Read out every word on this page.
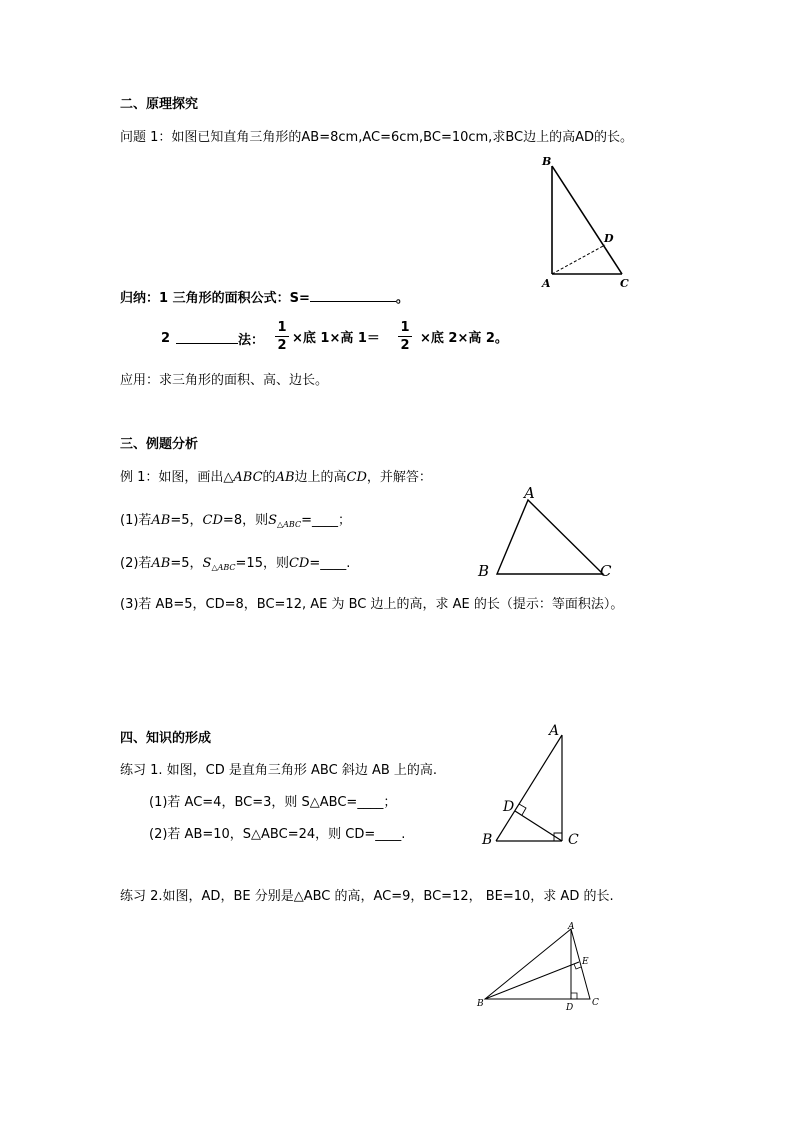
二、原理探究
问题 1：如图已知直角三角形的AB=8cm,AC=6cm,BC=10cm,求BC边上的高AD的长。
B
D
A	C
归纳：1 三角形的面积公式：S=	。
2	法：
1
2 ×底 1×高 1＝
1
2 ×底 2×高 2。
应用：求三角形的面积、高、边长。
三、例题分析
例 1：如图，画出△ABC的AB边上的高CD，并解答：
(1)若AB=5，CD=8，则$S_{\triangle ABC}=\_\_\_\_$；
(2)若AB=5，$S_{\triangle ABC}=15$，则CD=____.
(3)若 AB=5，CD=8，BC=12, AE 为 BC 边上的高，求 AE 的长（提示：等面积法）。
A
B	C
四、知识的形成
练习 1. 如图，CD 是直角三角形 ABC 斜边 AB 上的高.
(1)若 AC=4，BC=3，则 S△ABC=____；
(2)若 AB=10，S△ABC=24，则 CD=____.
A
D
B	C
练习 2.如图，AD，BE 分别是△ABC 的高，AC=9，BC=12， BE=10，求 AD 的长.
A
E
B	D C
